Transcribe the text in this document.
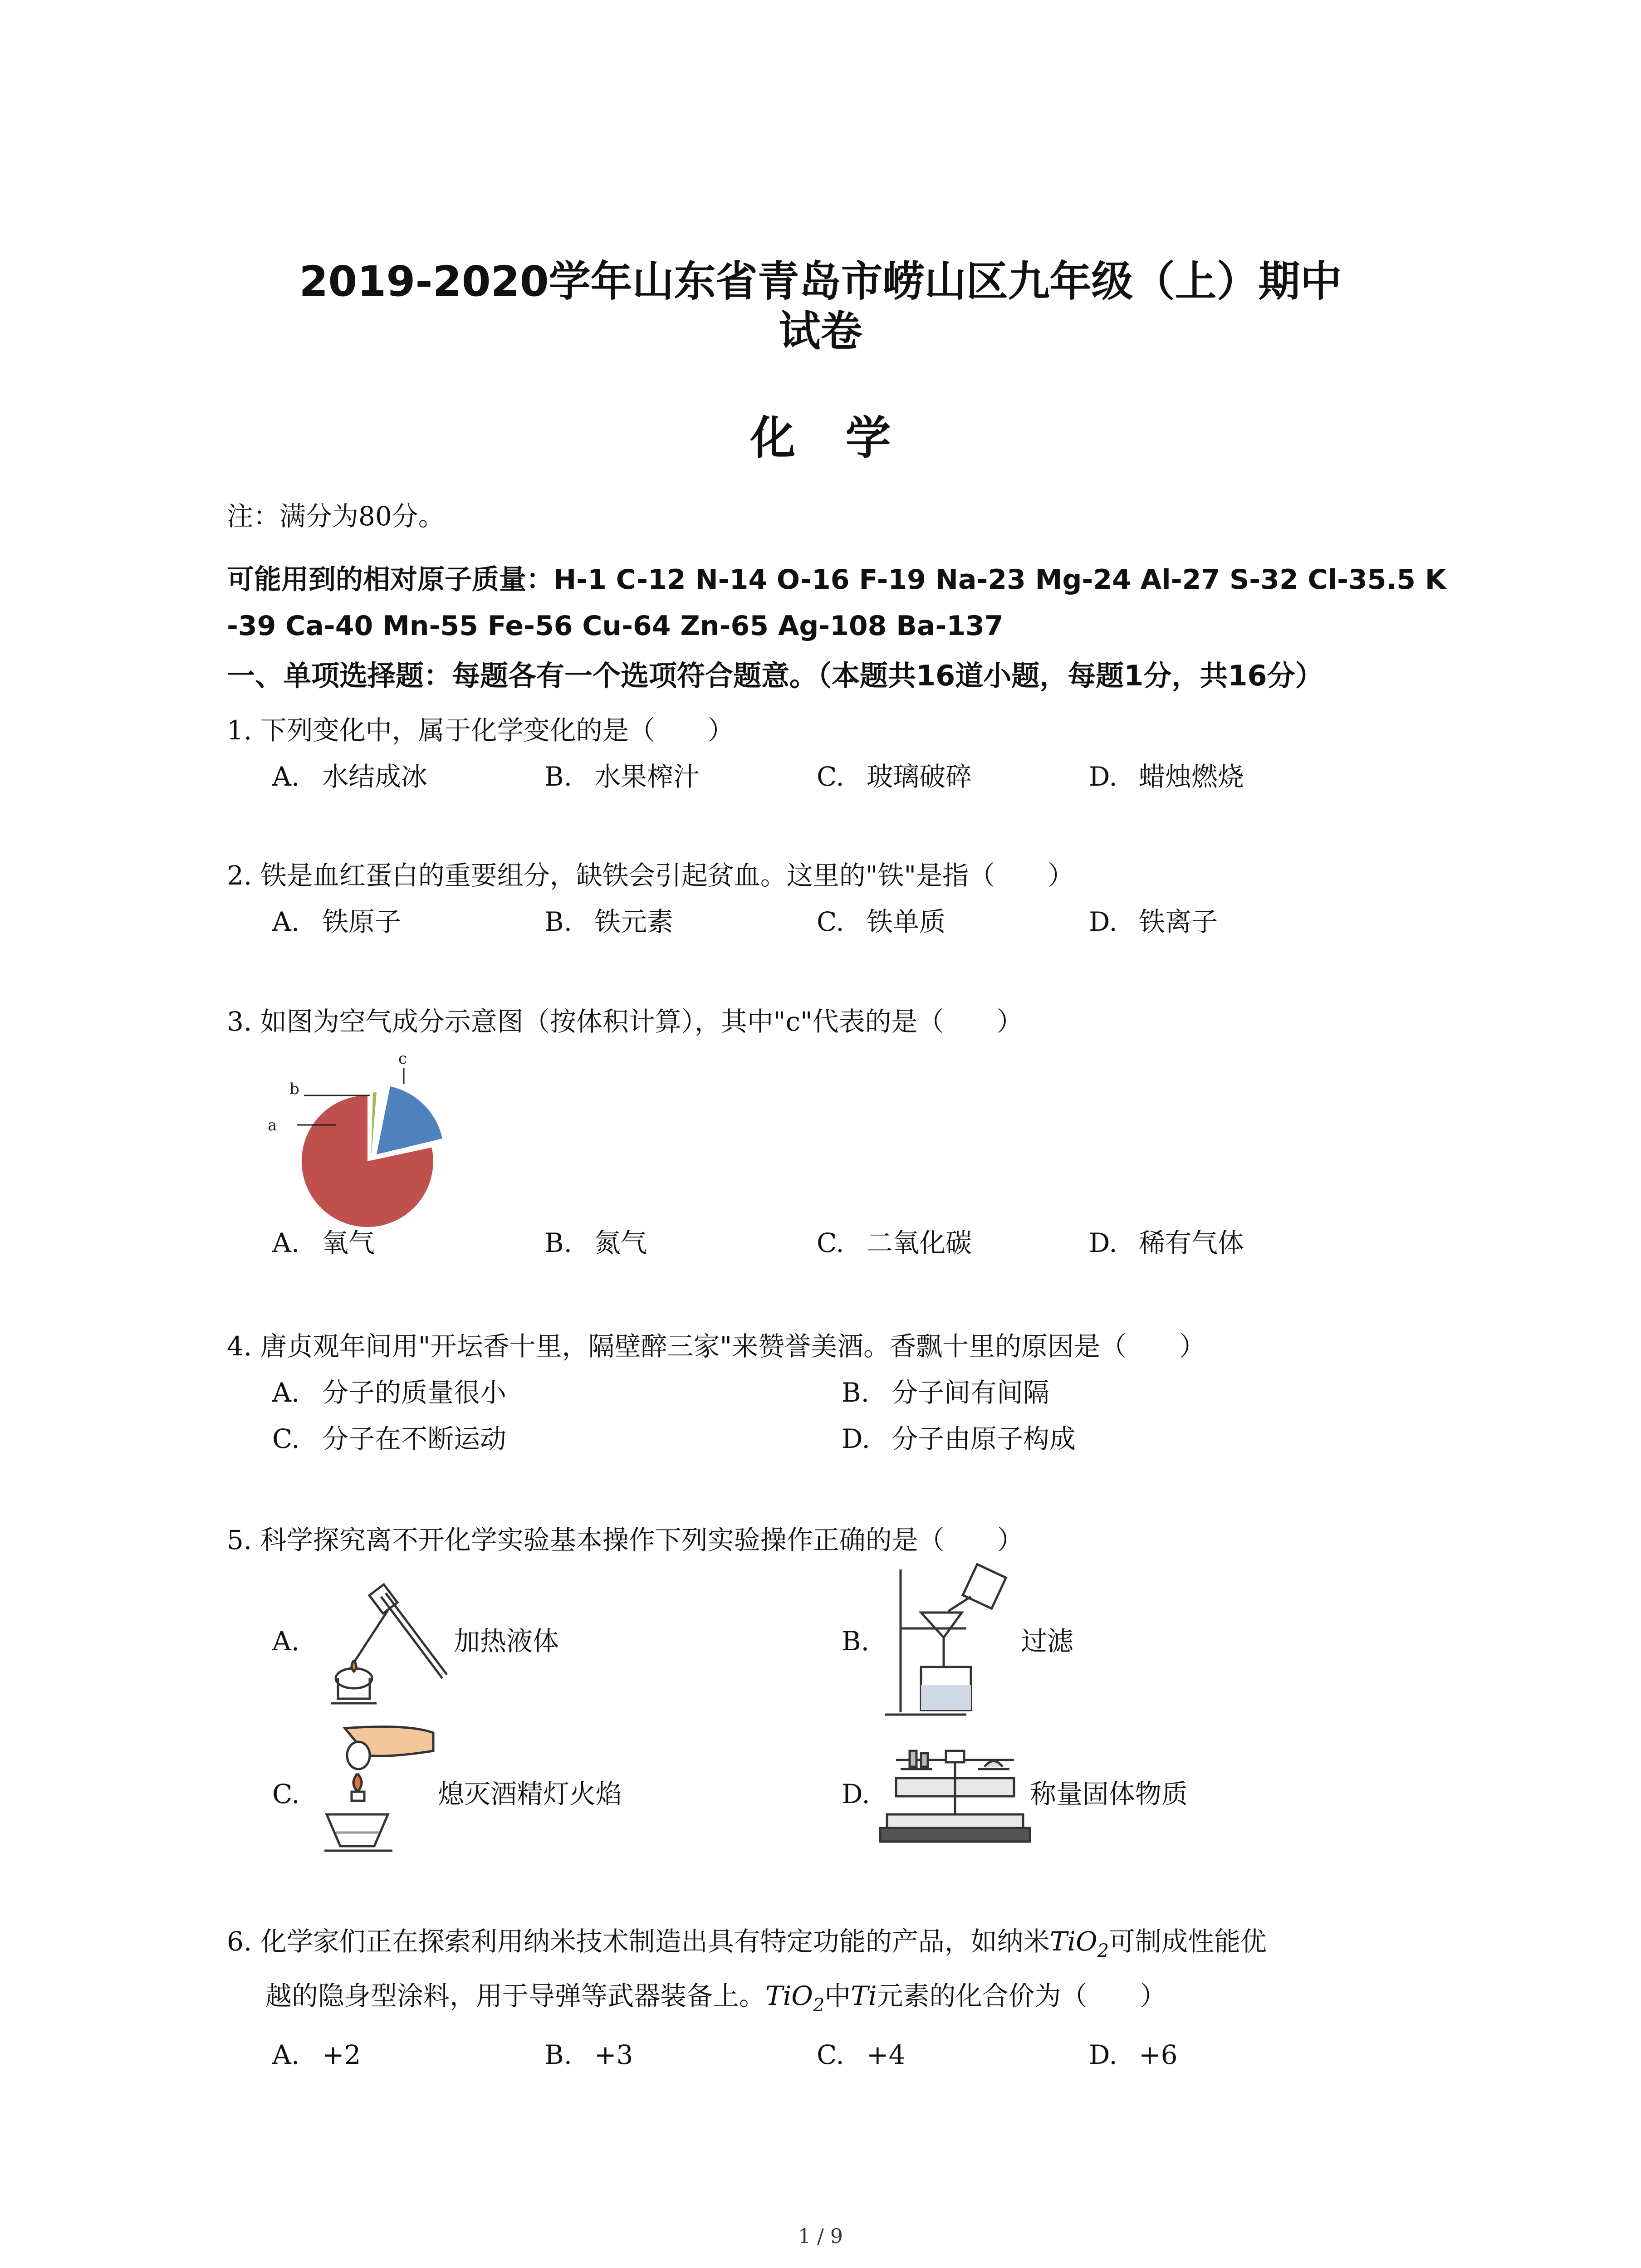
2019-2020学年山东省青岛市崂山区九年级（上）期中
试卷
化学
注：满分为80分。
可能用到的相对原子质量：H-1 C-12 N-14 O-16 F-19 Na-23 Mg-24 Al-27 S-32 Cl-35.5 K
-39 Ca-40 Mn-55 Fe-56 Cu-64 Zn-65 Ag-108 Ba-137
一、单项选择题：每题各有一个选项符合题意。（本题共16道小题，每题1分，共16分）
1. 下列变化中，属于化学变化的是（　　）
A. 水结成冰	B. 水果榨汁	C. 玻璃破碎	D. 蜡烛燃烧
2. 铁是血红蛋白的重要组分，缺铁会引起贫血。这里的"铁"是指（　　）
A. 铁原子	B. 铁元素	C. 铁单质	D. 铁离子
3. 如图为空气成分示意图（按体积计算），其中"c"代表的是（　　）
a
b
c
A. 氧气	B. 氮气	C. 二氧化碳	D. 稀有气体
4. 唐贞观年间用"开坛香十里，隔壁醉三家"来赞誉美酒。香飘十里的原因是（　　）
A. 分子的质量很小	B. 分子间有间隔
C. 分子在不断运动	D. 分子由原子构成
5. 科学探究离不开化学实验基本操作下列实验操作正确的是（　　）
A.	加热液体	B.	过滤
C.	熄灭酒精灯火焰	D.	称量固体物质
6. 化学家们正在探索利用纳米技术制造出具有特定功能的产品，如纳米TiO$_2$可制成性能优
越的隐身型涂料，用于导弹等武器装备上。TiO$_2$中Ti元素的化合价为（　　）
A. +2	B. +3	C. +4	D. +6
1 / 9
